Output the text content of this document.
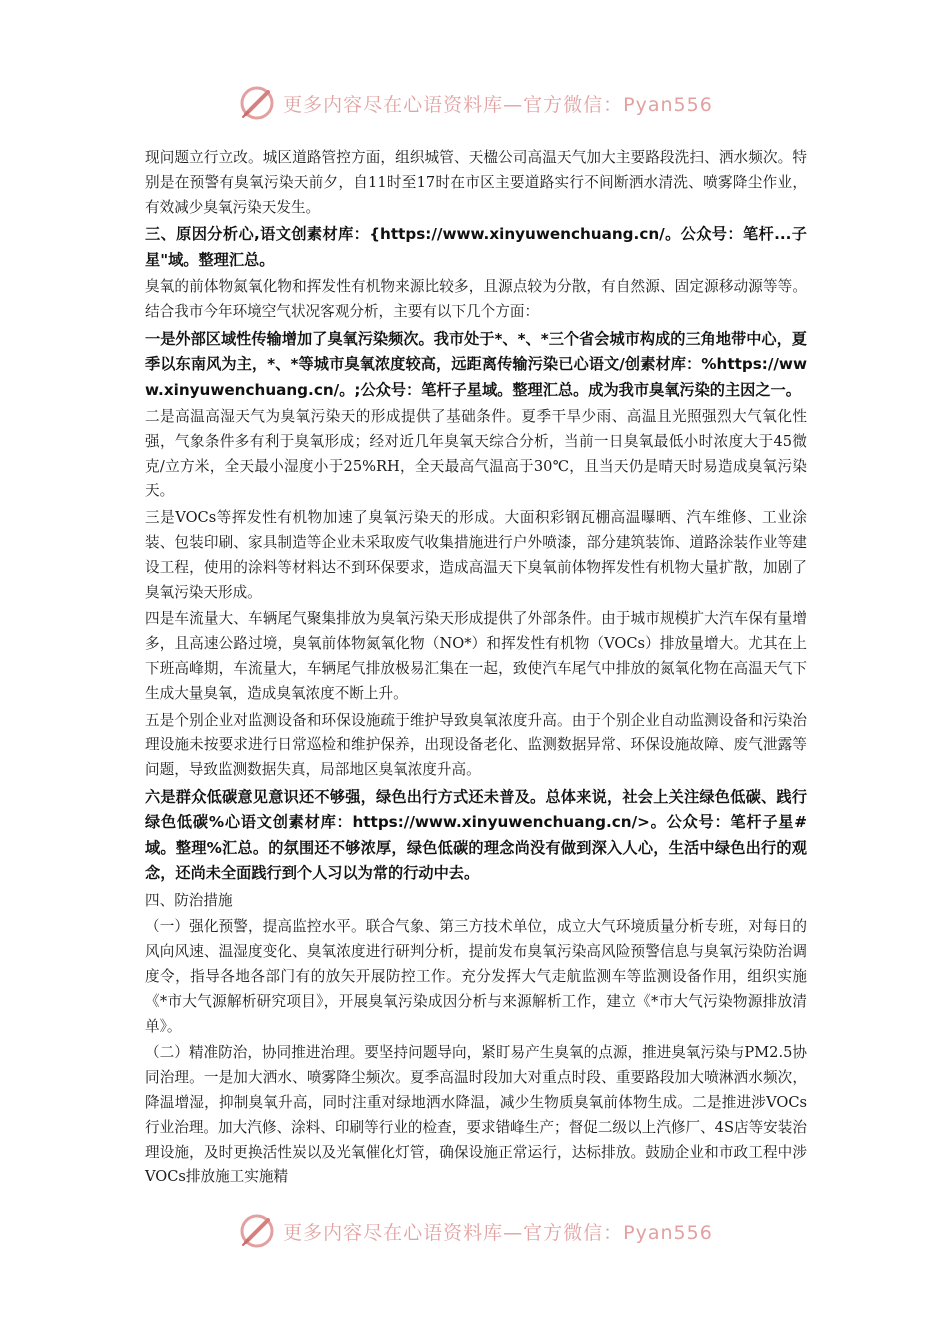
更多内容尽在心语资料库—官方微信：Pyan556

现问题立行立改。城区道路管控方面，组织城管、天楹公司高温天气加大主要路段洗扫、洒水频次。特别是在预警有臭氧污染天前夕，自11时至17时在市区主要道路实行不间断洒水清洗、喷雾降尘作业，有效减少臭氧污染天发生。

三、原因分析心,语文创素材库：{https://www.xinyuwenchuang.cn/。公众号：笔杆...子星"域。整理汇总。

臭氧的前体物氮氧化物和挥发性有机物来源比较多，且源点较为分散，有自然源、固定源移动源等等。结合我市今年环境空气状况客观分析，主要有以下几个方面：

一是外部区域性传输增加了臭氧污染频次。我市处于*、*、*三个省会城市构成的三角地带中心，夏季以东南风为主，*、*等城市臭氧浓度较高，远距离传输污染已心语文/创素材库：%https://www.xinyuwenchuang.cn/。;公众号：笔杆子星域。整理汇总。成为我市臭氧污染的主因之一。

二是高温高湿天气为臭氧污染天的形成提供了基础条件。夏季干旱少雨、高温且光照强烈大气氧化性强，气象条件多有利于臭氧形成；经对近几年臭氧天综合分析，当前一日臭氧最低小时浓度大于45微克/立方米，全天最小湿度小于25%RH，全天最高气温高于30℃，且当天仍是晴天时易造成臭氧污染天。

三是VOCs等挥发性有机物加速了臭氧污染天的形成。大面积彩钢瓦棚高温曝晒、汽车维修、工业涂装、包装印刷、家具制造等企业未采取废气收集措施进行户外喷漆，部分建筑装饰、道路涂装作业等建设工程，使用的涂料等材料达不到环保要求，造成高温天下臭氧前体物挥发性有机物大量扩散，加剧了臭氧污染天形成。

四是车流量大、车辆尾气聚集排放为臭氧污染天形成提供了外部条件。由于城市规模扩大汽车保有量增多，且高速公路过境，臭氧前体物氮氧化物（NO*）和挥发性有机物（VOCs）排放量增大。尤其在上下班高峰期，车流量大，车辆尾气排放极易汇集在一起，致使汽车尾气中排放的氮氧化物在高温天气下生成大量臭氧，造成臭氧浓度不断上升。

五是个别企业对监测设备和环保设施疏于维护导致臭氧浓度升高。由于个别企业自动监测设备和污染治理设施未按要求进行日常巡检和维护保养，出现设备老化、监测数据异常、环保设施故障、废气泄露等问题，导致监测数据失真，局部地区臭氧浓度升高。

六是群众低碳意见意识还不够强，绿色出行方式还未普及。总体来说，社会上关注绿色低碳、践行绿色低碳%心语文创素材库：https://www.xinyuwenchuang.cn/>。公众号：笔杆子星#域。整理%汇总。的氛围还不够浓厚，绿色低碳的理念尚没有做到深入人心，生活中绿色出行的观念，还尚未全面践行到个人习以为常的行动中去。

四、防治措施

（一）强化预警，提高监控水平。联合气象、第三方技术单位，成立大气环境质量分析专班，对每日的风向风速、温湿度变化、臭氧浓度进行研判分析，提前发布臭氧污染高风险预警信息与臭氧污染防治调度令，指导各地各部门有的放矢开展防控工作。充分发挥大气走航监测车等监测设备作用，组织实施《*市大气源解析研究项目》，开展臭氧污染成因分析与来源解析工作，建立《*市大气污染物源排放清单》。

（二）精准防治，协同推进治理。要坚持问题导向，紧盯易产生臭氧的点源，推进臭氧污染与PM2.5协同治理。一是加大洒水、喷雾降尘频次。夏季高温时段加大对重点时段、重要路段加大喷淋洒水频次，降温增湿，抑制臭氧升高，同时注重对绿地洒水降温，减少生物质臭氧前体物生成。二是推进涉VOCs行业治理。加大汽修、涂料、印刷等行业的检查，要求错峰生产；督促二级以上汽修厂、4S店等安装治理设施，及时更换活性炭以及光氧催化灯管，确保设施正常运行，达标排放。鼓励企业和市政工程中涉VOCs排放施工实施精

更多内容尽在心语资料库—官方微信：Pyan556
